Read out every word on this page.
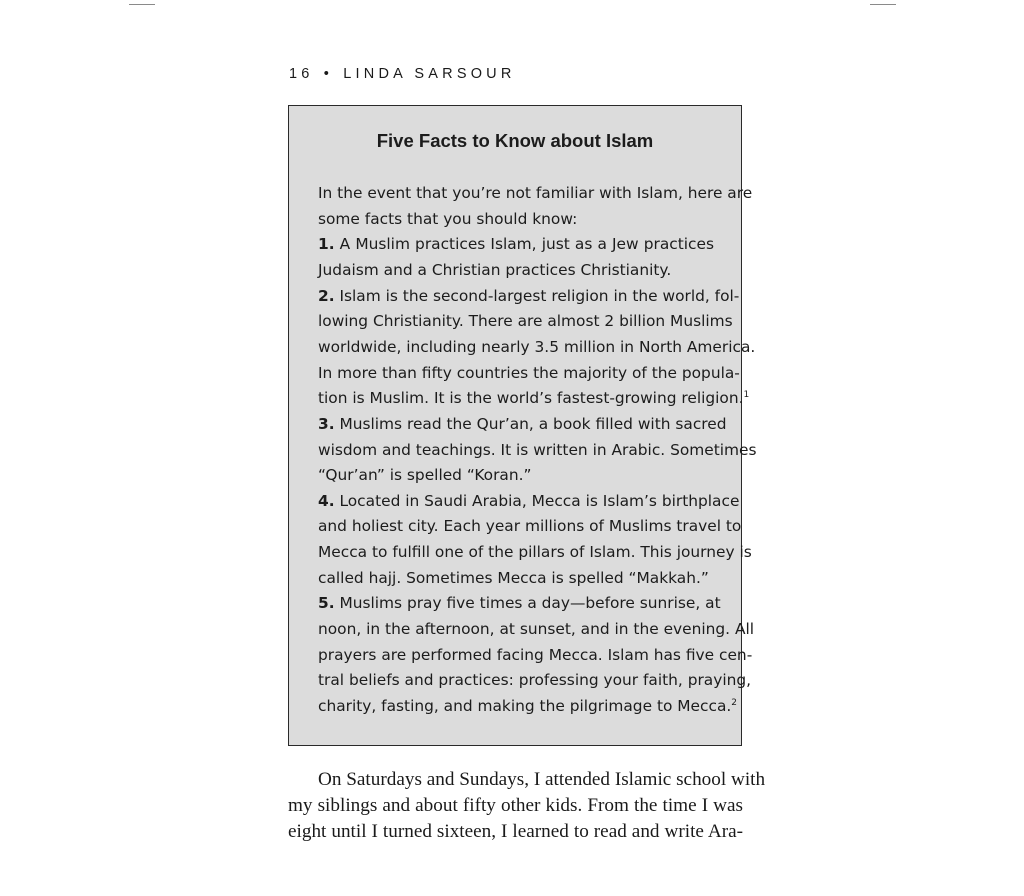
16 • LINDA SARSOUR
Five Facts to Know about Islam
In the event that you’re not familiar with Islam, here are
some facts that you should know:
1. A Muslim practices Islam, just as a Jew practices
Judaism and a Christian practices Christianity.
2. Islam is the second-largest religion in the world, fol-
lowing Christianity. There are almost 2 billion Muslims
worldwide, including nearly 3.5 million in North America.
In more than fifty countries the majority of the popula-
tion is Muslim. It is the world’s fastest-growing religion.$^1$
3. Muslims read the Qur’an, a book filled with sacred
wisdom and teachings. It is written in Arabic. Sometimes
“Qur’an” is spelled “Koran.”
4. Located in Saudi Arabia, Mecca is Islam’s birthplace
and holiest city. Each year millions of Muslims travel to
Mecca to fulfill one of the pillars of Islam. This journey is
called hajj. Sometimes Mecca is spelled “Makkah.”
5. Muslims pray five times a day—before sunrise, at
noon, in the afternoon, at sunset, and in the evening. All
prayers are performed facing Mecca. Islam has five cen-
tral beliefs and practices: professing your faith, praying,
charity, fasting, and making the pilgrimage to Mecca.$^2$
On Saturdays and Sundays, I attended Islamic school with
my siblings and about fifty other kids. From the time I was
eight until I turned sixteen, I learned to read and write Ara-
